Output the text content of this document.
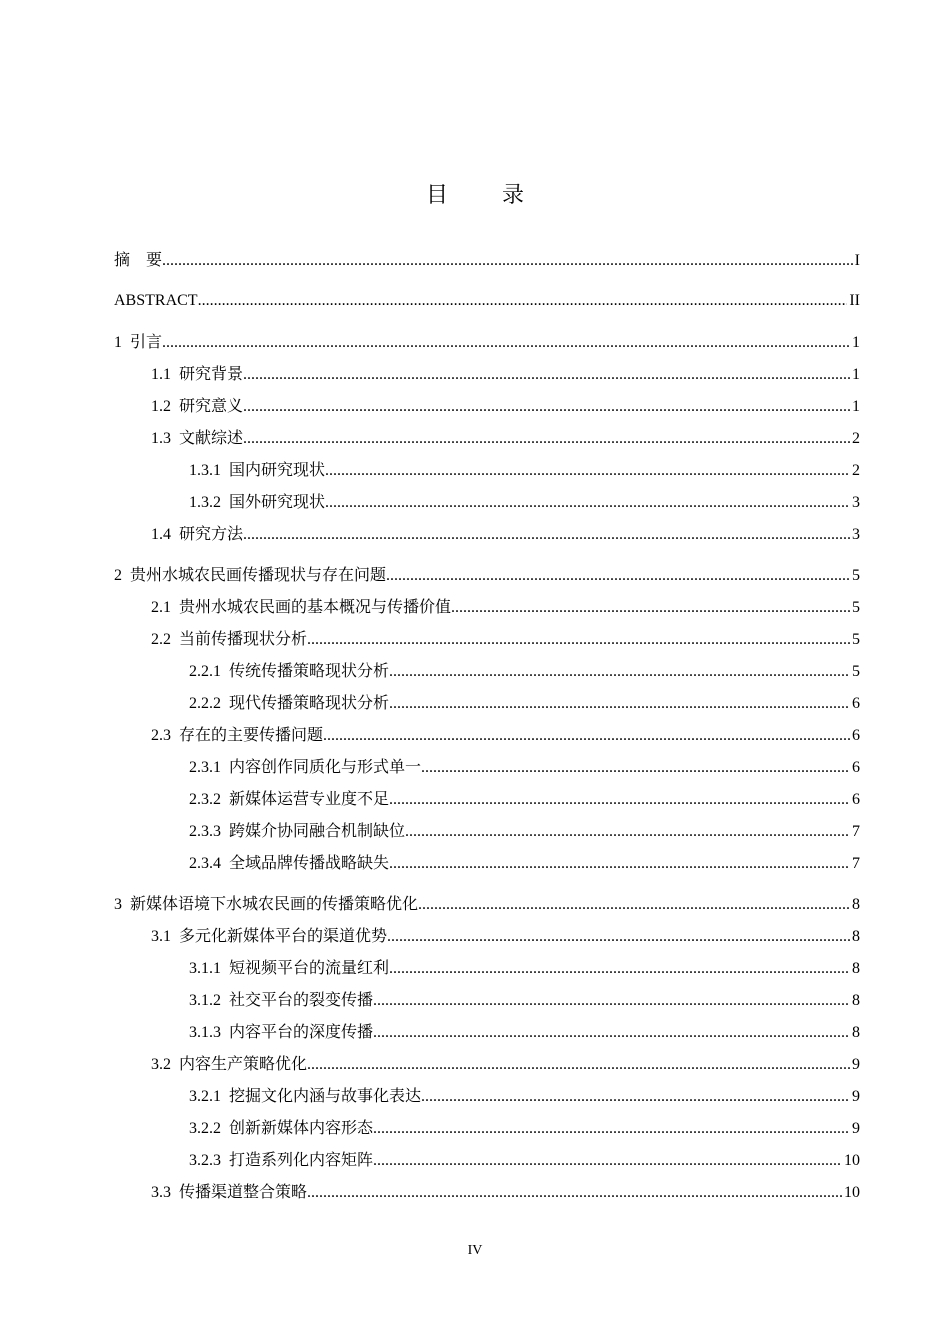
目　录
摘　要 .....	I
ABSTRACT .....	II
1 引言 .....	1
1.1 研究背景 .....	1
1.2 研究意义 .....	1
1.3 文献综述 .....	2
1.3.1 国内研究现状 .....	2
1.3.2 国外研究现状 .....	3
1.4 研究方法 .....	3
2 贵州水城农民画传播现状与存在问题 .....	5
2.1 贵州水城农民画的基本概况与传播价值 .....	5
2.2 当前传播现状分析 .....	5
2.2.1 传统传播策略现状分析 .....	5
2.2.2 现代传播策略现状分析 .....	6
2.3 存在的主要传播问题 .....	6
2.3.1 内容创作同质化与形式单一 .....	6
2.3.2 新媒体运营专业度不足 .....	6
2.3.3 跨媒介协同融合机制缺位 .....	7
2.3.4 全域品牌传播战略缺失 .....	7
3 新媒体语境下水城农民画的传播策略优化 .....	8
3.1 多元化新媒体平台的渠道优势 .....	8
3.1.1 短视频平台的流量红利 .....	8
3.1.2 社交平台的裂变传播 .....	8
3.1.3 内容平台的深度传播 .....	8
3.2 内容生产策略优化 .....	9
3.2.1 挖掘文化内涵与故事化表达 .....	9
3.2.2 创新新媒体内容形态 .....	9
3.2.3 打造系列化内容矩阵 .....	10
3.3 传播渠道整合策略 .....	10
IV
